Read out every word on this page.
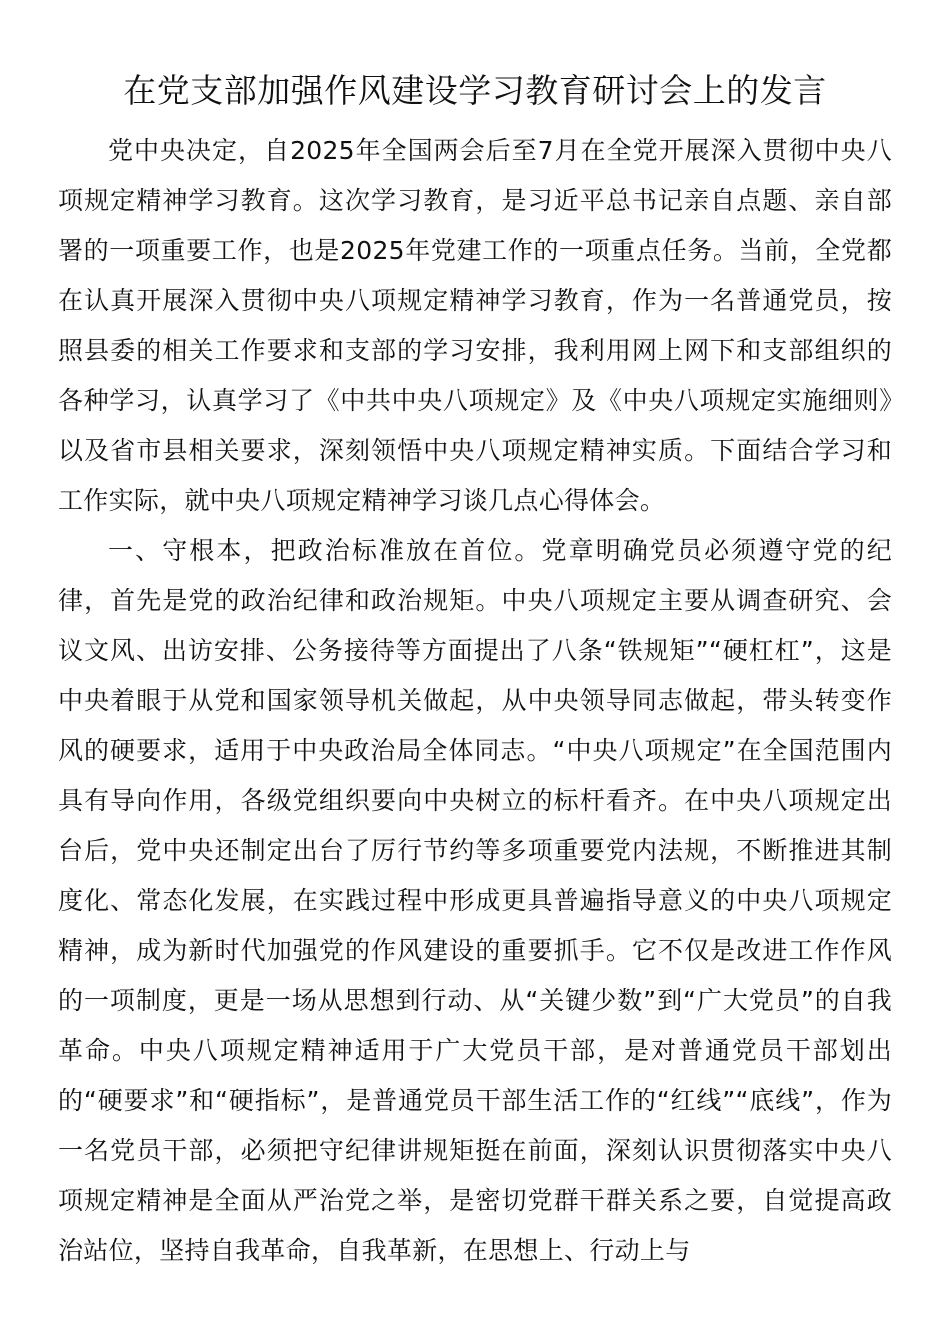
在党支部加强作风建设学习教育研讨会上的发言

党中央决定，自2025年全国两会后至7月在全党开展深入贯彻中央八项规定精神学习教育。这次学习教育，是习近平总书记亲自点题、亲自部署的一项重要工作，也是2025年党建工作的一项重点任务。当前，全党都在认真开展深入贯彻中央八项规定精神学习教育，作为一名普通党员，按照县委的相关工作要求和支部的学习安排，我利用网上网下和支部组织的各种学习，认真学习了《中共中央八项规定》及《中央八项规定实施细则》以及省市县相关要求，深刻领悟中央八项规定精神实质。下面结合学习和工作实际，就中央八项规定精神学习谈几点心得体会。

一、守根本，把政治标准放在首位。党章明确党员必须遵守党的纪律，首先是党的政治纪律和政治规矩。中央八项规定主要从调查研究、会议文风、出访安排、公务接待等方面提出了八条“铁规矩”“硬杠杠”，这是中央着眼于从党和国家领导机关做起，从中央领导同志做起，带头转变作风的硬要求，适用于中央政治局全体同志。“中央八项规定”在全国范围内具有导向作用，各级党组织要向中央树立的标杆看齐。在中央八项规定出台后，党中央还制定出台了厉行节约等多项重要党内法规，不断推进其制度化、常态化发展，在实践过程中形成更具普遍指导意义的中央八项规定精神，成为新时代加强党的作风建设的重要抓手。它不仅是改进工作作风的一项制度，更是一场从思想到行动、从“关键少数”到“广大党员”的自我革命。中央八项规定精神适用于广大党员干部，是对普通党员干部划出的“硬要求”和“硬指标”，是普通党员干部生活工作的“红线”“底线”，作为一名党员干部，必须把守纪律讲规矩挺在前面，深刻认识贯彻落实中央八项规定精神是全面从严治党之举，是密切党群干群关系之要，自觉提高政治站位，坚持自我革命，自我革新，在思想上、行动上与
